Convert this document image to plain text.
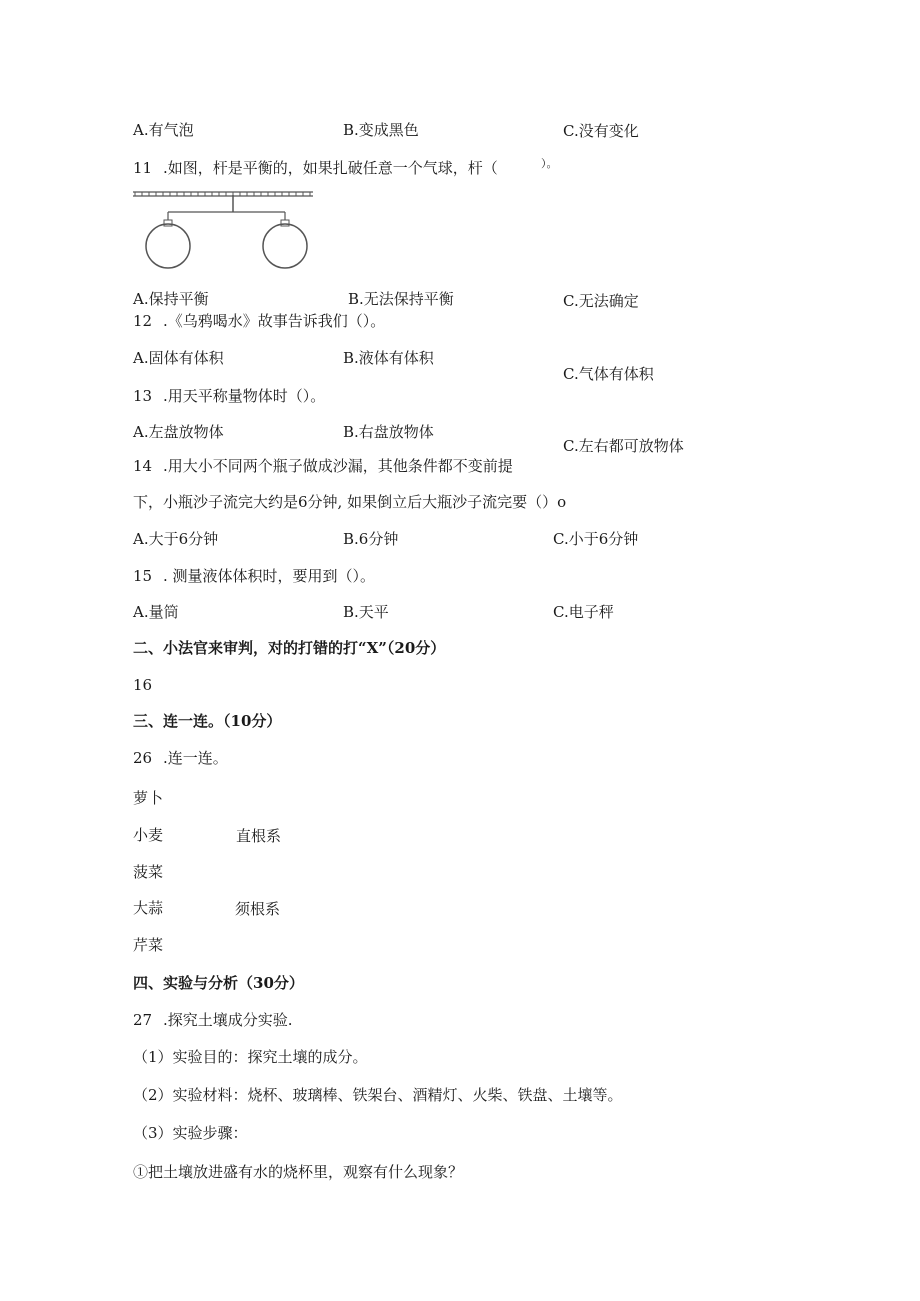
A.有气泡	B.变成黑色	C.没有变化
11 .如图，杆是平衡的，如果扎破任意一个气球，杆（	）。
A.保持平衡	B.无法保持平衡	C.无法确定
12 .《乌鸦喝水》故事告诉我们（）。
A.固体有体积	B.液体有体积
C.气体有体积
13 .用天平称量物体时（）。
A.左盘放物体	B.右盘放物体
C.左右都可放物体
14 .用大小不同两个瓶子做成沙漏，其他条件都不变前提
下，小瓶沙子流完大约是6分钟, 如果倒立后大瓶沙子流完要（）o
A.大于6分钟	B.6分钟	C.小于6分钟
15 . 测量液体体积时，要用到（）。
A.量筒	B.天平	C.电子秤
二、小法官来审判，对的打错的打“X”（20分）
16
三、连一连。（10分）
26 .连一连。
萝卜
小麦	直根系
菠菜
大蒜	须根系
芹菜
四、实验与分析（30分）
27 .探究土壤成分实验.
（1）实验目的：探究土壤的成分。
（2）实验材料：烧杯、玻璃棒、铁架台、酒精灯、火柴、铁盘、土壤等。
（3）实验步骤：
①把土壤放进盛有水的烧杯里，观察有什么现象？
